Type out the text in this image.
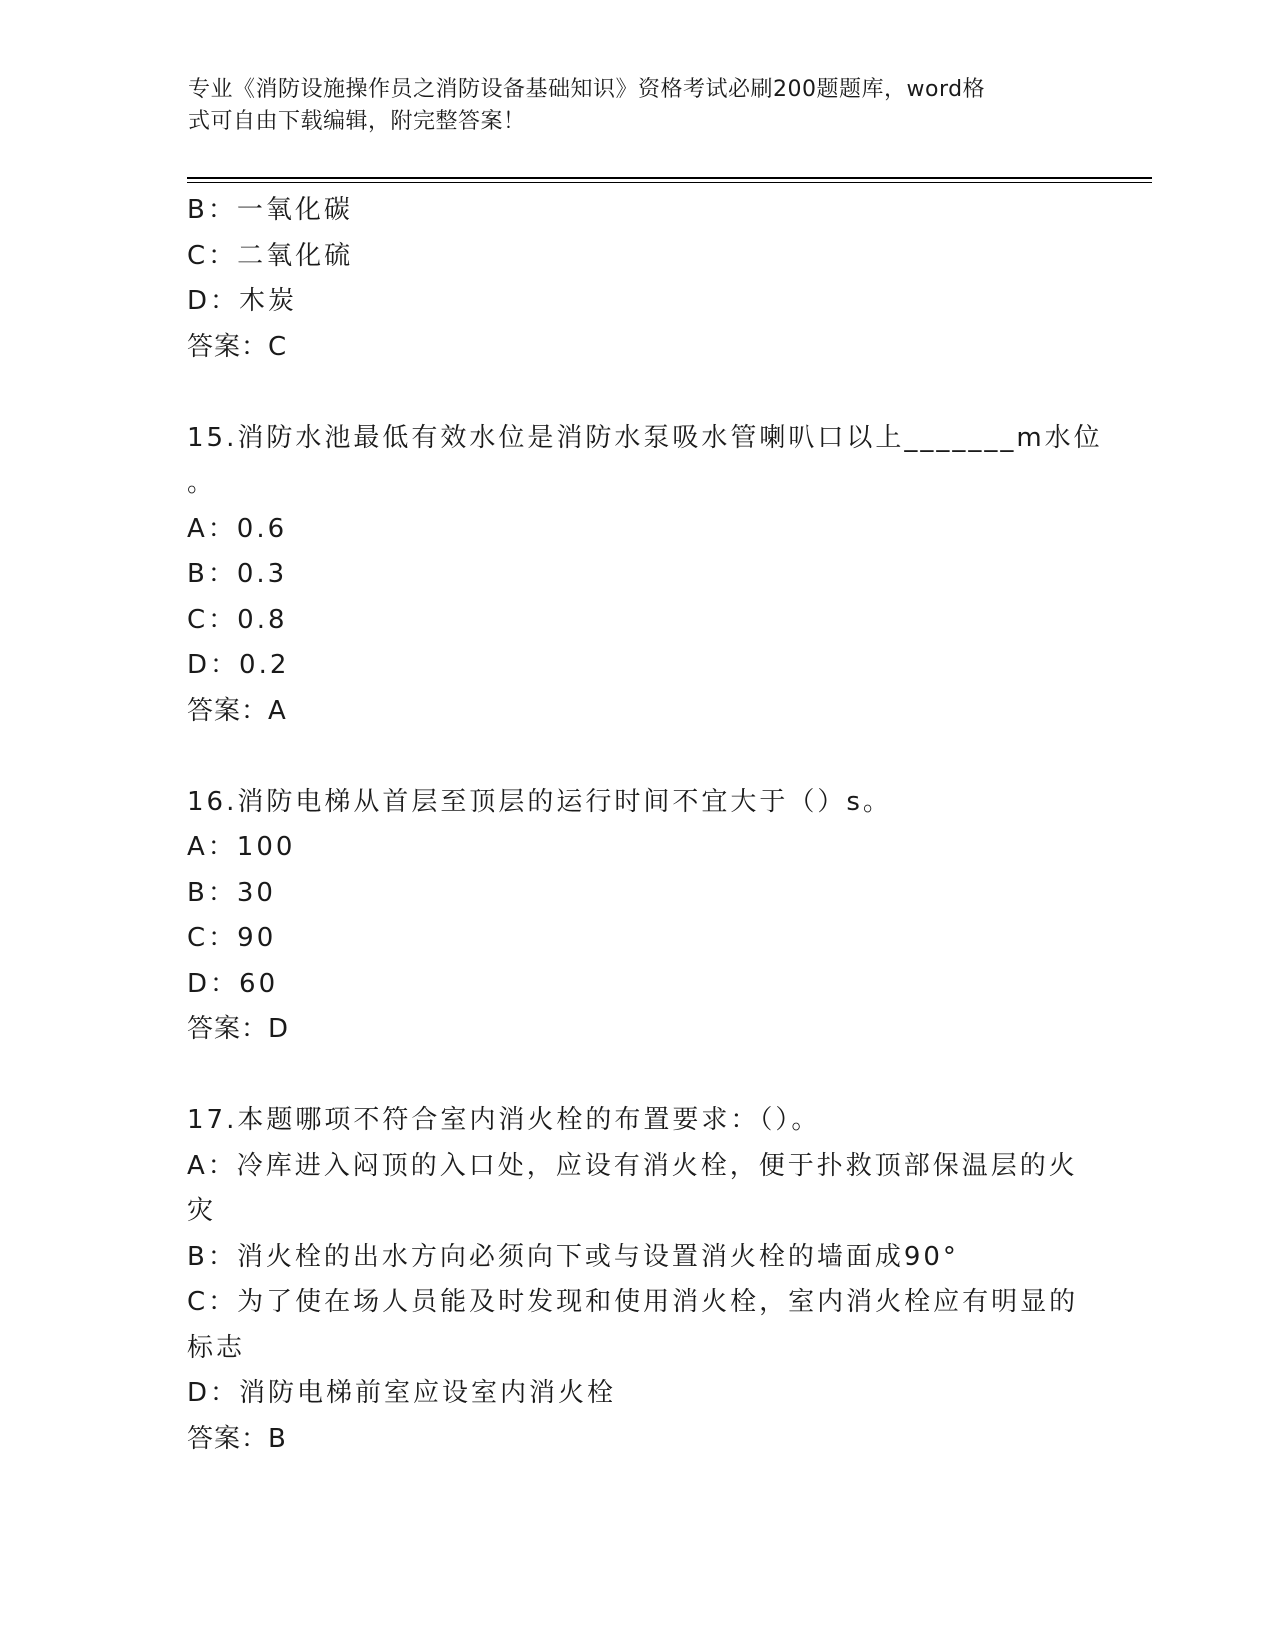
专业《消防设施操作员之消防设备基础知识》资格考试必刷200题题库，word格
式可自由下载编辑，附完整答案！
B：一氧化碳
C：二氧化硫
D：木炭
答案：C
15.消防水池最低有效水位是消防水泵吸水管喇叭口以上_______m水位
。
A：0.6
B：0.3
C：0.8
D：0.2
答案：A
16.消防电梯从首层至顶层的运行时间不宜大于（）s。
A：100
B：30
C：90
D：60
答案：D
17.本题哪项不符合室内消火栓的布置要求：（）。
A：冷库进入闷顶的入口处，应设有消火栓，便于扑救顶部保温层的火
灾
B：消火栓的出水方向必须向下或与设置消火栓的墙面成90°
C：为了使在场人员能及时发现和使用消火栓，室内消火栓应有明显的
标志
D：消防电梯前室应设室内消火栓
答案：B
